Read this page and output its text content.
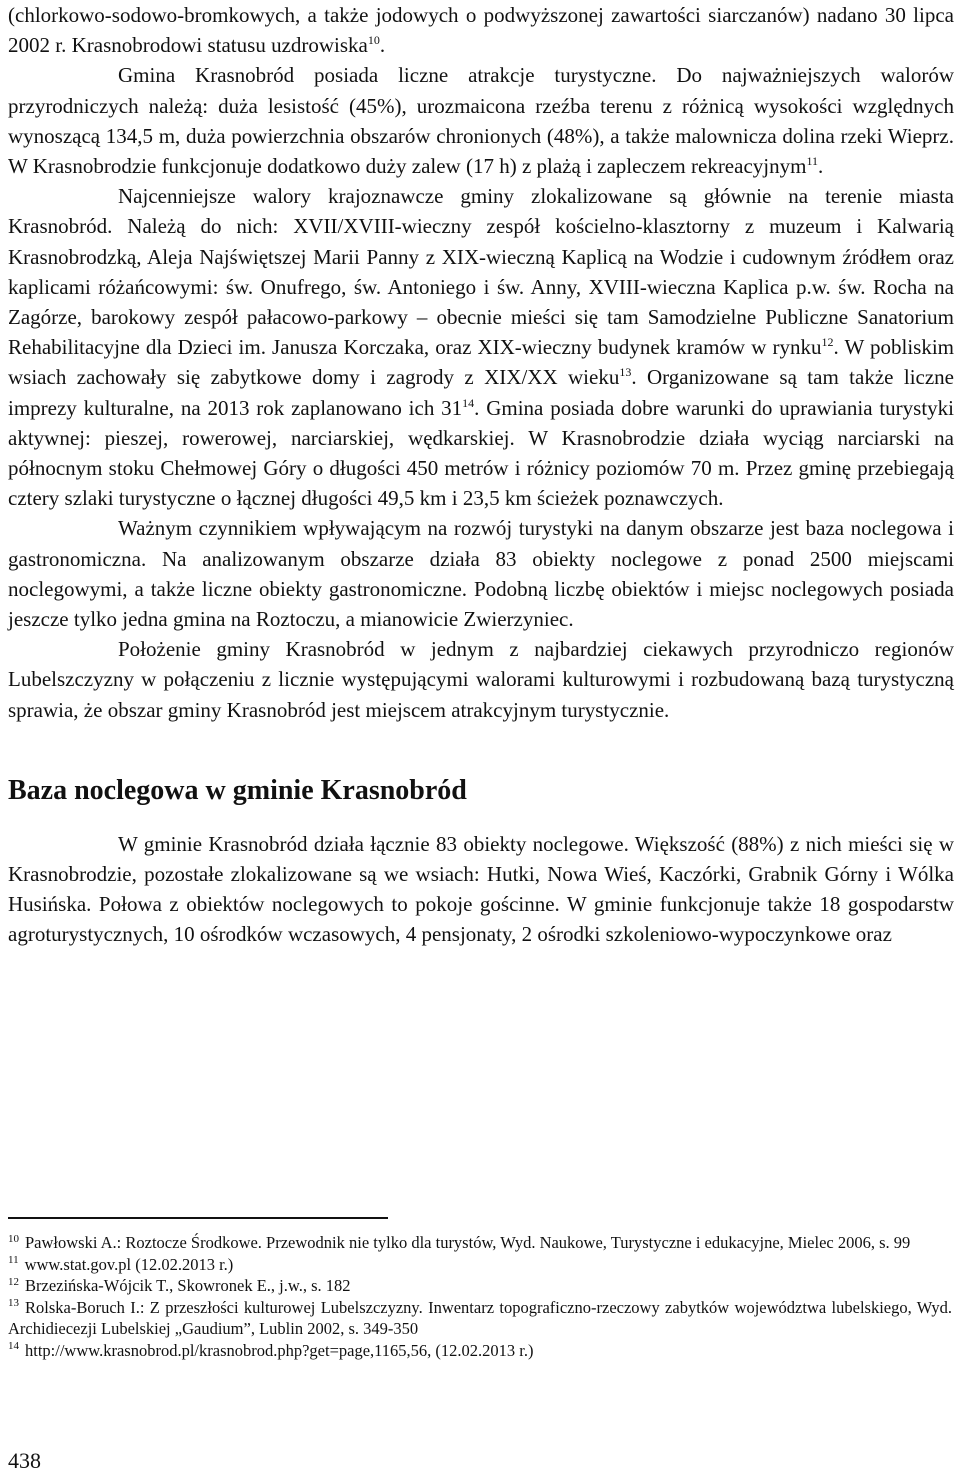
(chlorkowo-sodowo-bromkowych, a także jodowych o podwyższonej zawartości siarczanów) nadano 30 lipca 2002 r. Krasnobrodowi statusu uzdrowiska$^{10}$.

Gmina Krasnobród posiada liczne atrakcje turystyczne. Do najważniejszych walorów przyrodniczych należą: duża lesistość (45%), urozmaicona rzeźba terenu z różnicą wysokości względnych wynoszącą 134,5 m, duża powierzchnia obszarów chronionych (48%), a także malownicza dolina rzeki Wieprz. W Krasnobrodzie funkcjonuje dodatkowo duży zalew (17 h) z plażą i zapleczem rekreacyjnym$^{11}$.

Najcenniejsze walory krajoznawcze gminy zlokalizowane są głównie na terenie miasta Krasnobród. Należą do nich: XVII/XVIII-wieczny zespół kościelno-klasztorny z muzeum i Kalwarią Krasnobrodzką, Aleja Najświętszej Marii Panny z XIX-wieczną Kaplicą na Wodzie i cudownym źródłem oraz kaplicami różańcowymi: św. Onufrego, św. Antoniego i św. Anny, XVIII-wieczna Kaplica p.w. św. Rocha na Zagórze, barokowy zespół pałacowo-parkowy – obecnie mieści się tam Samodzielne Publiczne Sanatorium Rehabilitacyjne dla Dzieci im. Janusza Korczaka, oraz XIX-wieczny budynek kramów w rynku$^{12}$. W pobliskim wsiach zachowały się zabytkowe domy i zagrody z XIX/XX wieku$^{13}$. Organizowane są tam także liczne imprezy kulturalne, na 2013 rok zaplanowano ich $31^{14}$. Gmina posiada dobre warunki do uprawiania turystyki aktywnej: pieszej, rowerowej, narciarskiej, wędkarskiej. W Krasnobrodzie działa wyciąg narciarski na północnym stoku Chełmowej Góry o długości 450 metrów i różnicy poziomów 70 m. Przez gminę przebiegają cztery szlaki turystyczne o łącznej długości 49,5 km i 23,5 km ścieżek poznawczych.

Ważnym czynnikiem wpływającym na rozwój turystyki na danym obszarze jest baza noclegowa i gastronomiczna. Na analizowanym obszarze działa 83 obiekty noclegowe z ponad 2500 miejscami noclegowymi, a także liczne obiekty gastronomiczne. Podobną liczbę obiektów i miejsc noclegowych posiada jeszcze tylko jedna gmina na Roztoczu, a mianowicie Zwierzyniec.

Położenie gminy Krasnobród w jednym z najbardziej ciekawych przyrodniczo regionów Lubelszczyzny w połączeniu z licznie występującymi walorami kulturowymi i rozbudowaną bazą turystyczną sprawia, że obszar gminy Krasnobród jest miejscem atrakcyjnym turystycznie.

Baza noclegowa w gminie Krasnobród

W gminie Krasnobród działa łącznie 83 obiekty noclegowe. Większość (88%) z nich mieści się w Krasnobrodzie, pozostałe zlokalizowane są we wsiach: Hutki, Nowa Wieś, Kaczórki, Grabnik Górny i Wólka Husińska. Połowa z obiektów noclegowych to pokoje gościnne. W gminie funkcjonuje także 18 gospodarstw agroturystycznych, 10 ośrodków wczasowych, 4 pensjonaty, 2 ośrodki szkoleniowo-wypoczynkowe oraz

$^{10}$ Pawłowski A.: Roztocze Środkowe. Przewodnik nie tylko dla turystów, Wyd. Naukowe, Turystyczne i edukacyjne, Mielec 2006, s. 99

$^{11}$ www.stat.gov.pl (12.02.2013 r.)

$^{12}$ Brzezińska-Wójcik T., Skowronek E., j.w., s. 182

$^{13}$ Rolska-Boruch I.: Z przeszłości kulturowej Lubelszczyzny. Inwentarz topograficzno-rzeczowy zabytków województwa lubelskiego, Wyd. Archidiecezji Lubelskiej „Gaudium”, Lublin 2002, s. 349-350

$^{14}$ http://www.krasnobrod.pl/krasnobrod.php?get=page,1165,56, (12.02.2013 r.)

438
